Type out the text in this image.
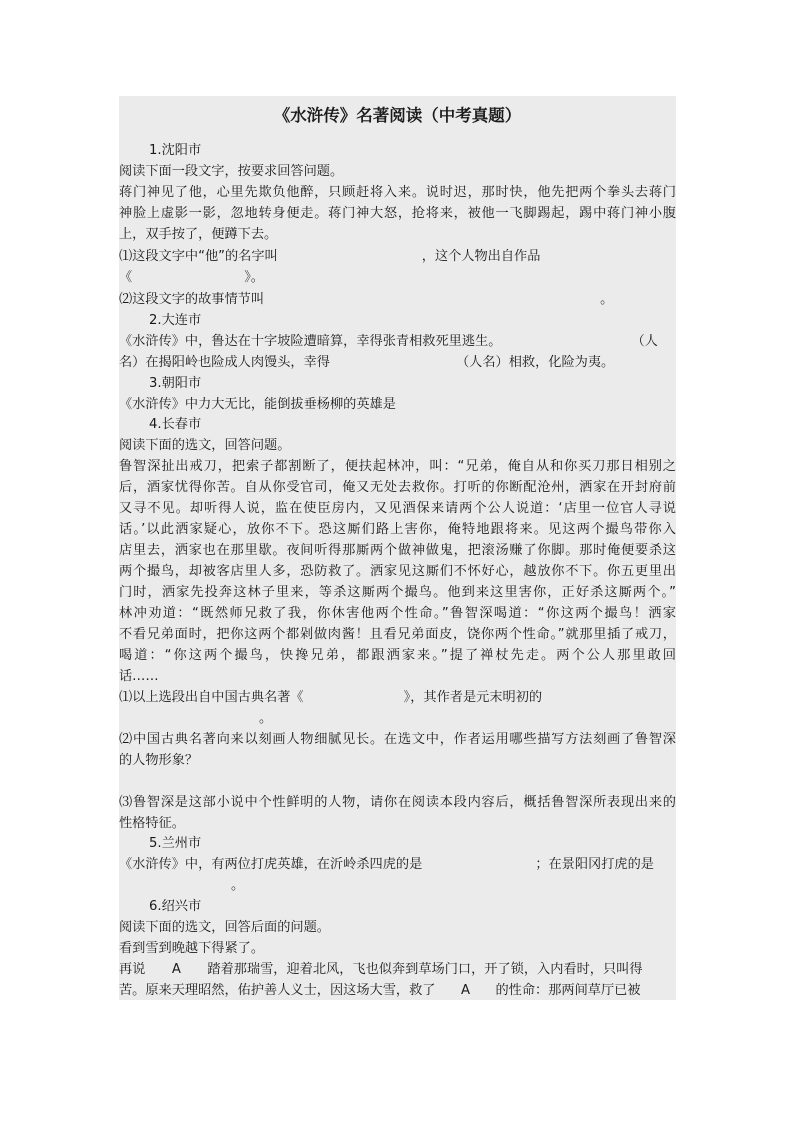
《水浒传》名著阅读（中考真题）
1.沈阳市
阅读下面一段文字，按要求回答问题。
蒋门神见了他，心里先欺负他醉，只顾赶将入来。说时迟，那时快，他先把两个拳头去蒋门
神脸上虚影一影，忽地转身便走。蒋门神大怒，抢将来，被他一飞脚踢起，踢中蒋门神小腹
上，双手按了，便蹲下去。
⑴这段文字中“他”的名字叫	，这个人物出自作品
《	》。
⑵这段文字的故事情节叫	。
2.大连市
《水浒传》中，鲁达在十字坡险遭暗算，幸得张青相救死里逃生。	（人
名）在揭阳岭也险成人肉馒头，幸得	（人名）相救，化险为夷。
3.朝阳市
《水浒传》中力大无比，能倒拔垂杨柳的英雄是
4.长春市
阅读下面的选文，回答问题。
鲁智深扯出戒刀，把索子都割断了，便扶起林冲，叫：“兄弟，俺自从和你买刀那日相别之
后，酒家忧得你苦。自从你受官司，俺又无处去救你。打听的你断配沧州，洒家在开封府前
又寻不见。却听得人说，监在使臣房内，又见酒保来请两个公人说道：‘店里一位官人寻说
话。’以此洒家疑心，放你不下。恐这厮们路上害你，俺特地跟将来。见这两个撮鸟带你入
店里去，洒家也在那里歇。夜间听得那厮两个做神做鬼，把滚汤赚了你脚。那时俺便要杀这
两个撮鸟，却被客店里人多，恐防救了。洒家见这厮们不怀好心，越放你不下。你五更里出
门时，洒家先投奔这林子里来，等杀这厮两个撮鸟。他到来这里害你，正好杀这厮两个。”
林冲劝道：“既然师兄救了我，你休害他两个性命。”鲁智深喝道：“你这两个撮鸟！洒家
不看兄弟面时，把你这两个都剁做肉酱！且看兄弟面皮，饶你两个性命。”就那里插了戒刀，
喝道：“你这两个撮鸟，快搀兄弟，都跟洒家来。”提了禅杖先走。两个公人那里敢回
话……
⑴以上选段出自中国古典名著《	》，其作者是元末明初的
。
⑵中国古典名著向来以刻画人物细腻见长。在选文中，作者运用哪些描写方法刻画了鲁智深
的人物形象？
⑶鲁智深是这部小说中个性鲜明的人物，请你在阅读本段内容后，概括鲁智深所表现出来的
性格特征。
5.兰州市
《水浒传》中，有两位打虎英雄，在沂岭杀四虎的是	；在景阳冈打虎的是
。
6.绍兴市
阅读下面的选文，回答后面的问题。
看到雪到晚越下得紧了。
再说 A 踏着那瑞雪，迎着北风，飞也似奔到草场门口，开了锁，入内看时，只叫得
苦。原来天理昭然，佑护善人义士，因这场大雪，救了 A 的性命：那两间草厅已被
